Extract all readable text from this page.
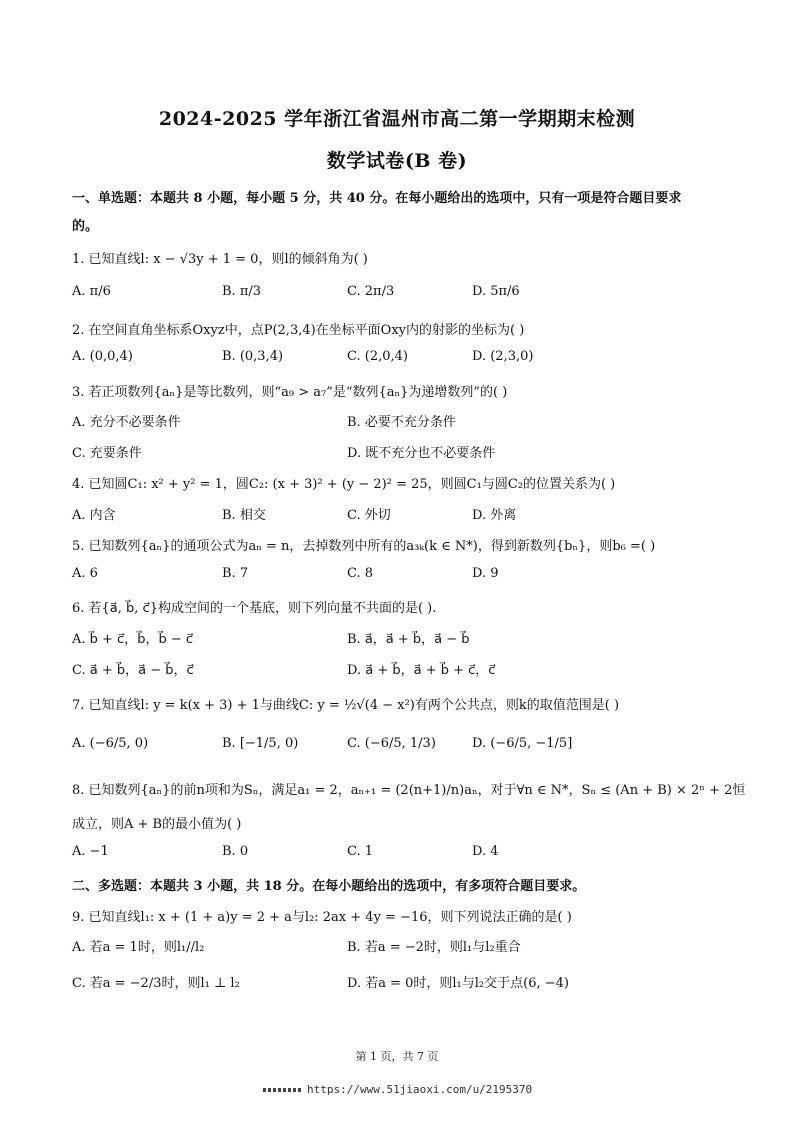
2024-2025 学年浙江省温州市高二第一学期期末检测
数学试卷(B 卷)
一、单选题：本题共 8 小题，每小题 5 分，共 40 分。在每小题给出的选项中，只有一项是符合题目要求
的。
1. 已知直线l: x − √3y + 1 = 0，则l的倾斜角为( )
A. π/6	B. π/3	C. 2π/3	D. 5π/6
2. 在空间直角坐标系Oxyz中，点P(2,3,4)在坐标平面Oxy内的射影的坐标为( )
A. (0,0,4)	B. (0,3,4)	C. (2,0,4)	D. (2,3,0)
3. 若正项数列{aₙ}是等比数列，则“a₉ > a₇”是“数列{aₙ}为递增数列”的( )
A. 充分不必要条件	B. 必要不充分条件
C. 充要条件	D. 既不充分也不必要条件
4. 已知圆C₁: x² + y² = 1，圆C₂: (x + 3)² + (y − 2)² = 25，则圆C₁与圆C₂的位置关系为( )
A. 内含	B. 相交	C. 外切	D. 外离
5. 已知数列{aₙ}的通项公式为aₙ = n，去掉数列中所有的a₃ₖ(k ∈ N*)，得到新数列{bₙ}，则b₆ =( )
A. 6	B. 7	C. 8	D. 9
6. 若{a⃗, b⃗, c⃗}构成空间的一个基底，则下列向量不共面的是( ).
A. b⃗ + c⃗，b⃗，b⃗ − c⃗	B. a⃗，a⃗ + b⃗，a⃗ − b⃗
C. a⃗ + b⃗，a⃗ − b⃗，c⃗	D. a⃗ + b⃗，a⃗ + b⃗ + c⃗，c⃗
7. 已知直线l: y = k(x + 3) + 1与曲线C: y = ½√(4 − x²)有两个公共点，则k的取值范围是( )
A. (−6/5, 0)	B. [−1/5, 0)	C. (−6/5, 1/3)	D. (−6/5, −1/5]
8. 已知数列{aₙ}的前n项和为Sₙ，满足a₁ = 2，aₙ₊₁ = (2(n+1)/n)aₙ，对于∀n ∈ N*，Sₙ ≤ (An + B) × 2ⁿ + 2恒
成立，则A + B的最小值为( )
A. −1	B. 0	C. 1	D. 4
二、多选题：本题共 3 小题，共 18 分。在每小题给出的选项中，有多项符合题目要求。
9. 已知直线l₁: x + (1 + a)y = 2 + a与l₂: 2ax + 4y = −16，则下列说法正确的是( )
A. 若a = 1时，则l₁//l₂	B. 若a = −2时，则l₁与l₂重合
C. 若a = −2/3时，则l₁ ⊥ l₂	D. 若a = 0时，则l₁与l₂交于点(6, −4)
第 1 页，共 7 页
https://www.51jiaoxi.com/u/2195370
